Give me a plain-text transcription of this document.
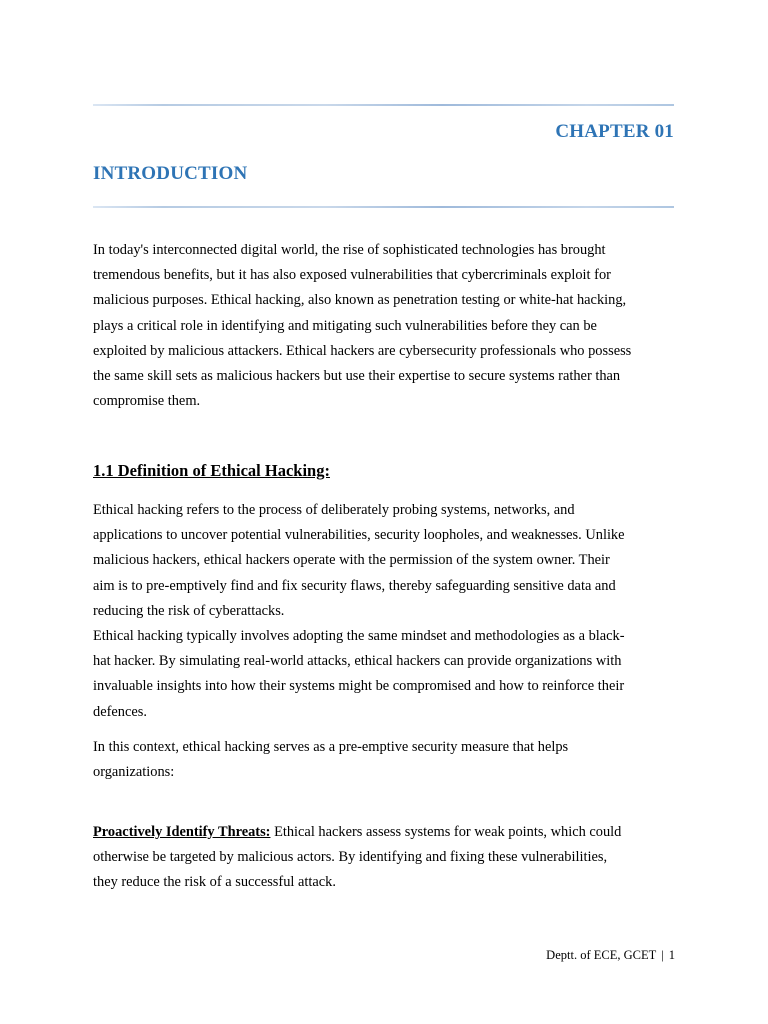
CHAPTER 01
INTRODUCTION
In today's interconnected digital world, the rise of sophisticated technologies has brought
tremendous benefits, but it has also exposed vulnerabilities that cybercriminals exploit for
malicious purposes. Ethical hacking, also known as penetration testing or white-hat hacking,
plays a critical role in identifying and mitigating such vulnerabilities before they can be
exploited by malicious attackers. Ethical hackers are cybersecurity professionals who possess
the same skill sets as malicious hackers but use their expertise to secure systems rather than
compromise them.
1.1 Definition of Ethical Hacking:
Ethical hacking refers to the process of deliberately probing systems, networks, and
applications to uncover potential vulnerabilities, security loopholes, and weaknesses. Unlike
malicious hackers, ethical hackers operate with the permission of the system owner. Their
aim is to pre-emptively find and fix security flaws, thereby safeguarding sensitive data and
reducing the risk of cyberattacks.
Ethical hacking typically involves adopting the same mindset and methodologies as a black-
hat hacker. By simulating real-world attacks, ethical hackers can provide organizations with
invaluable insights into how their systems might be compromised and how to reinforce their
defences.
In this context, ethical hacking serves as a pre-emptive security measure that helps
organizations:
Proactively Identify Threats: Ethical hackers assess systems for weak points, which could
otherwise be targeted by malicious actors. By identifying and fixing these vulnerabilities,
they reduce the risk of a successful attack.
Deptt. of ECE, GCET | 1
